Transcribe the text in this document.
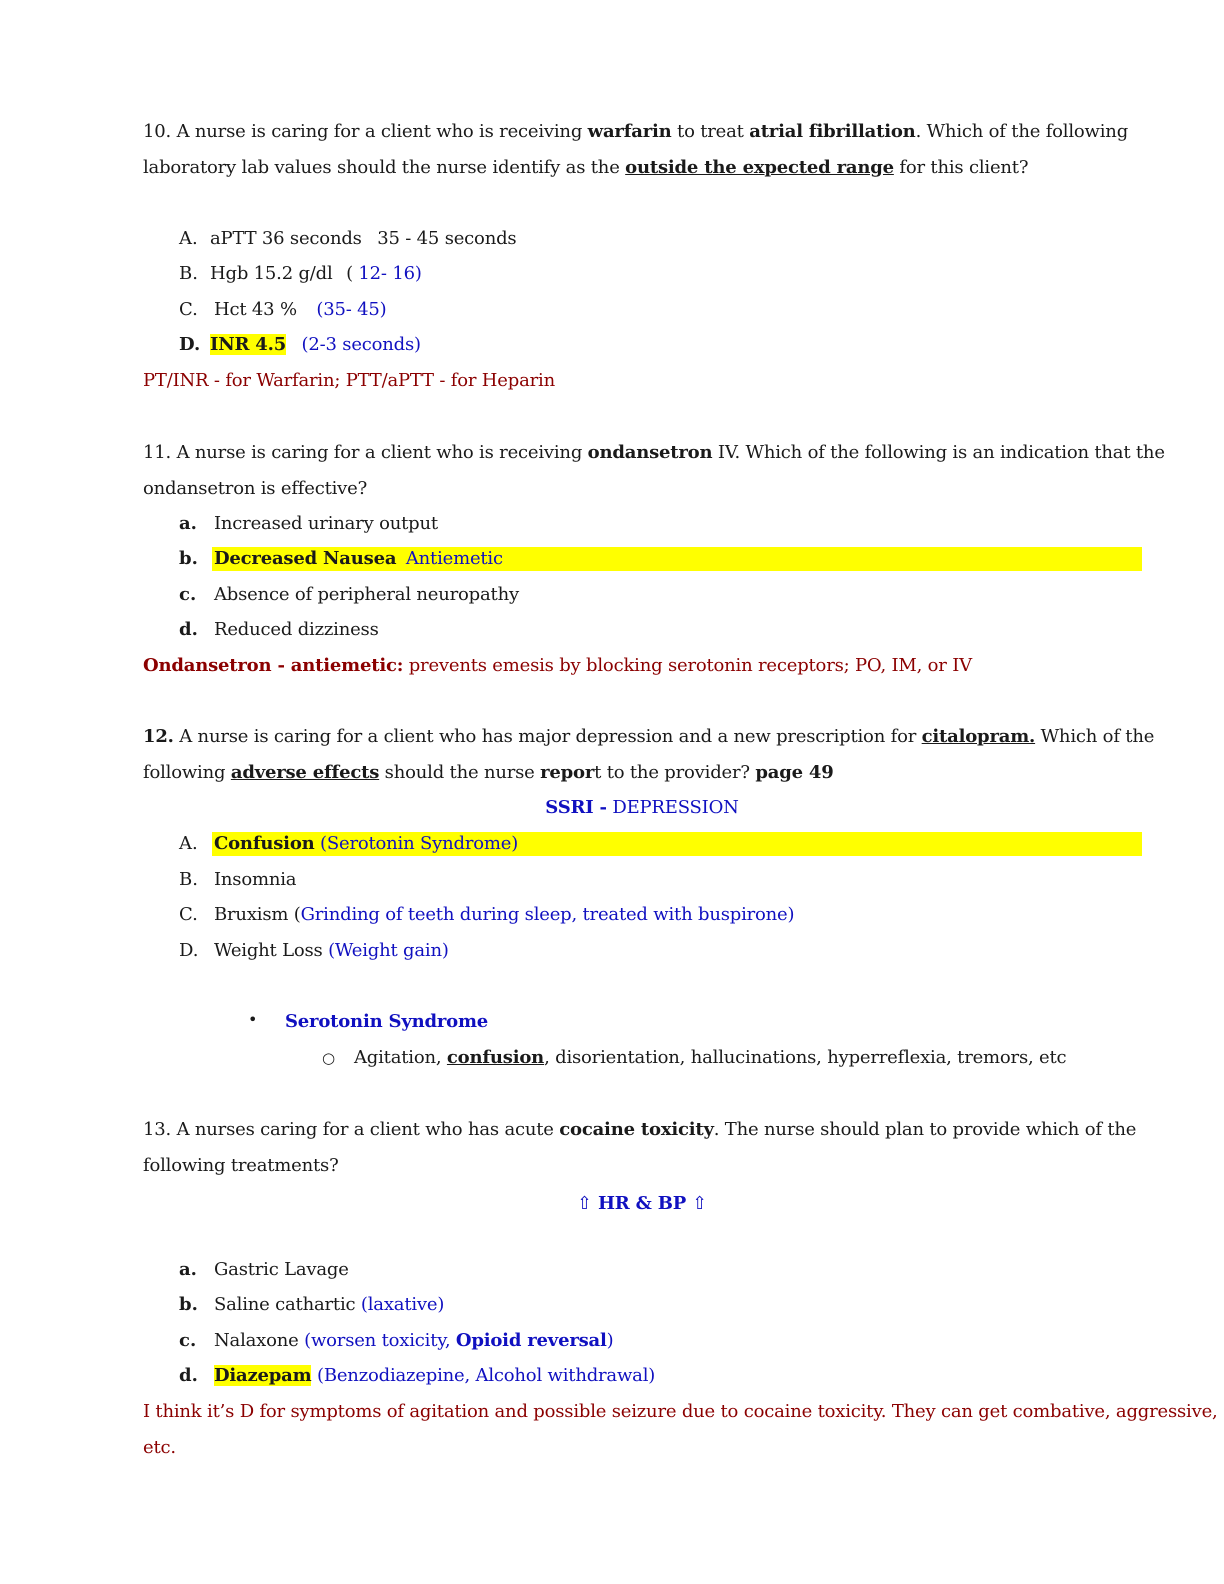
10. A nurse is caring for a client who is receiving warfarin to treat atrial fibrillation. Which of the following
laboratory lab values should the nurse identify as the outside the expected range for this client?
A. aPTT 36 seconds 35 - 45 seconds
B. Hgb 15.2 g/dl ( 12- 16)
C. Hct 43 % (35- 45)
D. INR 4.5 (2-3 seconds)
PT/INR - for Warfarin; PTT/aPTT - for Heparin
11. A nurse is caring for a client who is receiving ondansetron IV. Which of the following is an indication that the
ondansetron is effective?
a. Increased urinary output
b. Decreased Nausea Antiemetic
c. Absence of peripheral neuropathy
d. Reduced dizziness
Ondansetron - antiemetic: prevents emesis by blocking serotonin receptors; PO, IM, or IV
12. A nurse is caring for a client who has major depression and a new prescription for citalopram. Which of the
following adverse effects should the nurse report to the provider? page 49
SSRI - DEPRESSION
A. Confusion (Serotonin Syndrome)
B. Insomnia
C. Bruxism (Grinding of teeth during sleep, treated with buspirone)
D. Weight Loss (Weight gain)
• Serotonin Syndrome
○ Agitation, confusion, disorientation, hallucinations, hyperreflexia, tremors, etc
13. A nurses caring for a client who has acute cocaine toxicity. The nurse should plan to provide which of the
following treatments?
⇧ HR & BP ⇧
a. Gastric Lavage
b. Saline cathartic (laxative)
c. Nalaxone (worsen toxicity, Opioid reversal)
d. Diazepam (Benzodiazepine, Alcohol withdrawal)
I think it’s D for symptoms of agitation and possible seizure due to cocaine toxicity. They can get combative, aggressive,
etc.
